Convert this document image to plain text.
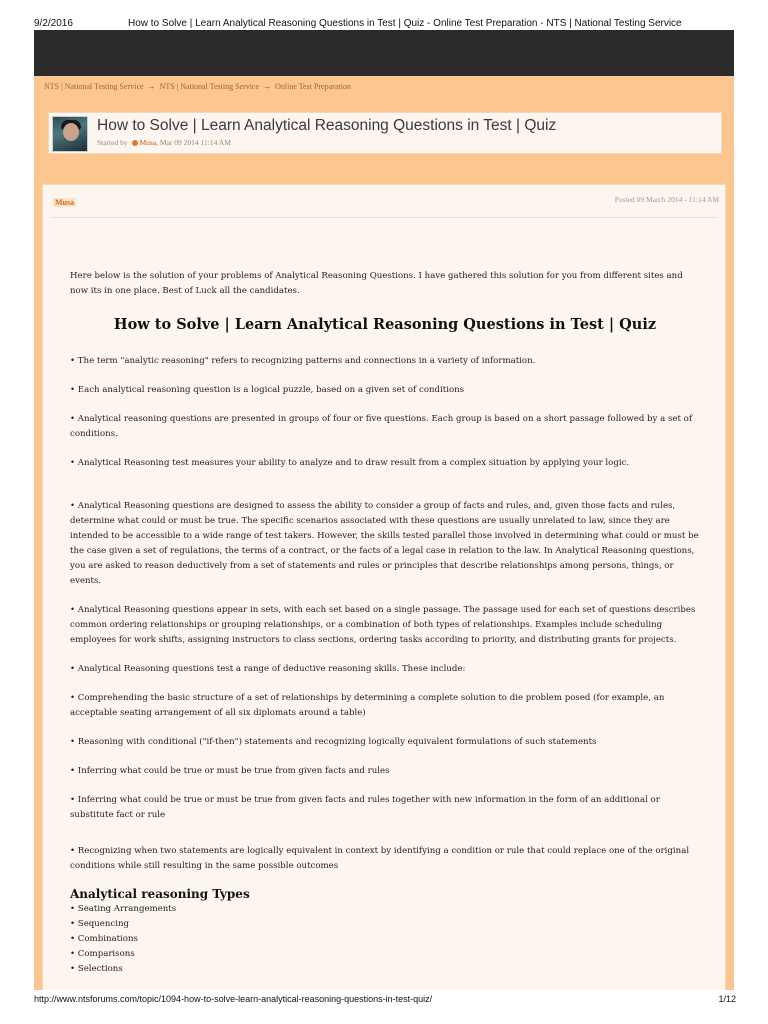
9/2/2016	How to Solve | Learn Analytical Reasoning Questions in Test | Quiz - Online Test Preparation - NTS | National Testing Service
NTS | National Testing Service → NTS | National Testing Service → Online Test Preparation
How to Solve | Learn Analytical Reasoning Questions in Test | Quiz
Started by Musa, Mar 09 2014 11:14 AM
Musa	Posted 09 March 2014 - 11:14 AM

Here below is the solution of your problems of Analytical Reasoning Questions. I have gathered this solution for you from different sites and now its in one place. Best of Luck all the candidates.

How to Solve | Learn Analytical Reasoning Questions in Test | Quiz

• The term "analytic reasoning" refers to recognizing patterns and connections in a variety of information.

• Each analytical reasoning question is a logical puzzle, based on a given set of conditions

• Analytical reasoning questions are presented in groups of four or five questions. Each group is based on a short passage followed by a set of conditions.

• Analytical Reasoning test measures your ability to analyze and to draw result from a complex situation by applying your logic.

• Analytical Reasoning questions are designed to assess the ability to consider a group of facts and rules, and, given those facts and rules, determine what could or must be true. The specific scenarios associated with these questions are usually unrelated to law, since they are intended to be accessible to a wide range of test takers. However, the skills tested parallel those involved in determining what could or must be the case given a set of regulations, the terms of a contract, or the facts of a legal case in relation to the law. In Analytical Reasoning questions, you are asked to reason deductively from a set of statements and rules or principles that describe relationships among persons, things, or events.

• Analytical Reasoning questions appear in sets, with each set based on a single passage. The passage used for each set of questions describes common ordering relationships or grouping relationships, or a combination of both types of relationships. Examples include scheduling employees for work shifts, assigning instructors to class sections, ordering tasks according to priority, and distributing grants for projects.

• Analytical Reasoning questions test a range of deductive reasoning skills. These include:

• Comprehending the basic structure of a set of relationships by determining a complete solution to die problem posed (for example, an acceptable seating arrangement of all six diplomats around a table)

• Reasoning with conditional ("if-then") statements and recognizing logically equivalent formulations of such statements

• Inferring what could be true or must be true from given facts and rules

• Inferring what could be true or must be true from given facts and rules together with new information in the form of an additional or substitute fact or rule

• Recognizing when two statements are logically equivalent in context by identifying a condition or rule that could replace one of the original conditions while still resulting in the same possible outcomes

Analytical reasoning Types

• Seating Arrangements

• Sequencing

• Combinations

• Comparisons

• Selections

http://www.ntsforums.com/topic/1094-how-to-solve-learn-analytical-reasoning-questions-in-test-quiz/	1/12
